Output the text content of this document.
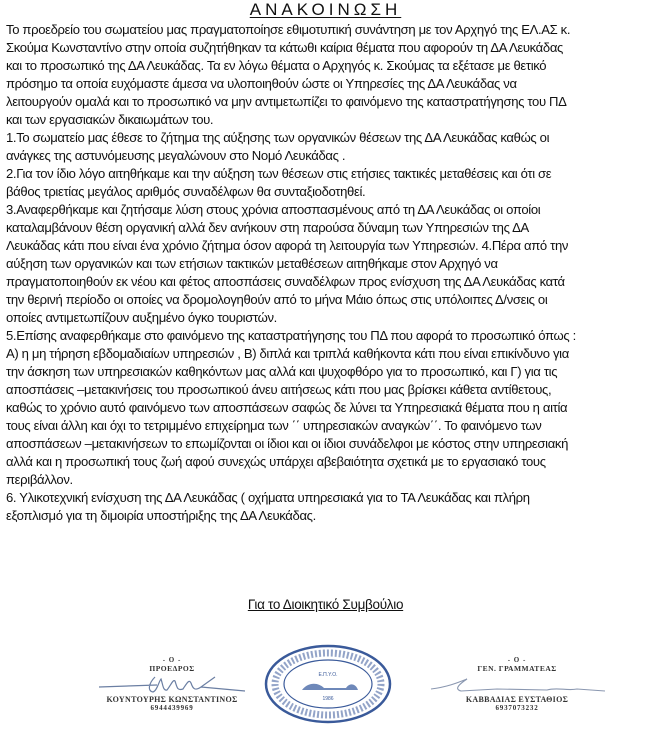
ΑΝΑΚΟΙΝΩΣΗ
Το προεδρείο του σωματείου μας πραγματοποίησε εθιμοτυπική συνάντηση με τον Αρχηγό της ΕΛ.ΑΣ κ.
Σκούμα Κωνσταντίνο στην οποία συζητήθηκαν τα κάτωθι καίρια θέματα που αφορούν τη ΔΑ Λευκάδας
και το προσωπικό της ΔΑ Λευκάδας. Τα εν λόγω θέματα ο Αρχηγός κ. Σκούμας τα εξέτασε με θετικό
πρόσημο τα οποία ευχόμαστε άμεσα να υλοποιηθούν ώστε οι Υπηρεσίες της ΔΑ Λευκάδας να
λειτουργούν ομαλά και το προσωπικό να μην αντιμετωπίζει το φαινόμενο της καταστρατήγησης του ΠΔ
και των εργασιακών δικαιωμάτων του.
1.Το σωματείο μας έθεσε το ζήτημα της αύξησης των οργανικών θέσεων της ΔΑ Λευκάδας καθώς οι
ανάγκες της αστυνόμευσης μεγαλώνουν στο Νομό Λευκάδας .
2.Για τον ίδιο λόγο αιτηθήκαμε και την αύξηση των θέσεων στις ετήσιες τακτικές μεταθέσεις και ότι σε
βάθος τριετίας μεγάλος αριθμός συναδέλφων θα συνταξιοδοτηθεί.
3.Αναφερθήκαμε και ζητήσαμε λύση στους χρόνια αποσπασμένους από τη ΔΑ Λευκάδας οι οποίοι
καταλαμβάνουν θέση οργανική αλλά δεν ανήκουν στη παρούσα δύναμη των Υπηρεσιών της ΔΑ
Λευκάδας κάτι που είναι ένα χρόνιο ζήτημα όσον αφορά τη λειτουργία των Υπηρεσιών. 4.Πέρα από την
αύξηση των οργανικών και των ετήσιων τακτικών μεταθέσεων αιτηθήκαμε στον Αρχηγό να
πραγματοποιηθούν εκ νέου και φέτος αποσπάσεις συναδέλφων προς ενίσχυση της ΔΑ Λευκάδας κατά
την θερινή περίοδο οι οποίες να δρομολογηθούν από το μήνα Μάιο όπως στις υπόλοιπες Δ/νσεις οι
οποίες αντιμετωπίζουν αυξημένο όγκο τουριστών.
5.Επίσης αναφερθήκαμε στο φαινόμενο της καταστρατήγησης του ΠΔ που αφορά το προσωπικό όπως :
Α) η μη τήρηση εβδομαδιαίων υπηρεσιών , Β) διπλά και τριπλά καθήκοντα κάτι που είναι επικίνδυνο για
την άσκηση των υπηρεσιακών καθηκόντων μας αλλά και ψυχοφθόρο για το προσωπικό, και Γ) για τις
αποσπάσεις –μετακινήσεις του προσωπικού άνευ αιτήσεως κάτι που μας βρίσκει κάθετα αντίθετους,
καθώς το χρόνιο αυτό φαινόμενο των αποσπάσεων σαφώς δε λύνει τα Υπηρεσιακά θέματα που η αιτία
τους είναι άλλη και όχι το τετριμμένο επιχείρημα των ΄΄ υπηρεσιακών αναγκών΄΄. Το φαινόμενο των
αποσπάσεων –μετακινήσεων το επωμίζονται οι ίδιοι και οι ίδιοι συνάδελφοι με κόστος στην υπηρεσιακή
αλλά και η προσωπική τους ζωή αφού συνεχώς υπάρχει αβεβαιότητα σχετικά με το εργασιακό τους
περιβάλλον.
6. Υλικοτεχνική ενίσχυση της ΔΑ Λευκάδας ( οχήματα υπηρεσιακά για το ΤΑ Λευκάδας και πλήρη
εξοπλισμό για τη διμοιρία υποστήριξης της ΔΑ Λευκάδας.
Για το Διοικητικό Συμβούλιο
- Ο -
ΠΡΟΕΔΡΟΣ
ΚΟΥΝΤΟΥΡΗΣ ΚΩΝΣΤΑΝΤΙΝΟΣ
6944439969
Ε.Π.Υ.Ο.
1986
- Ο -
ΓΕΝ. ΓΡΑΜΜΑΤΕΑΣ
ΚΑΒΒΑΔΙΑΣ ΕΥΣΤΑΘΙΟΣ
6937073232
